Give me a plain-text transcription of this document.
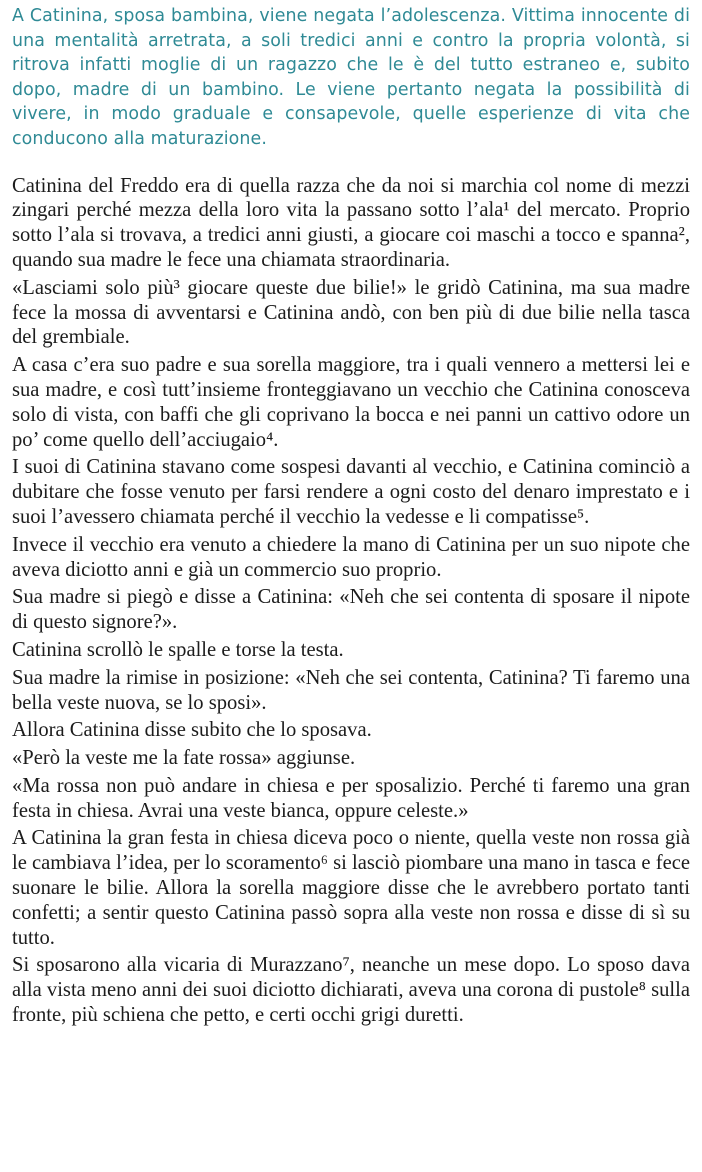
A Catinina, sposa bambina, viene negata l’adolescenza. Vittima innocente di una mentalità arretrata, a soli tredici anni e contro la propria volontà, si ritrova infatti moglie di un ragazzo che le è del tutto estraneo e, subito dopo, madre di un bambino. Le viene pertanto negata la possibilità di vivere, in modo graduale e consapevole, quelle esperienze di vita che conducono alla maturazione.

Catinina del Freddo era di quella razza che da noi si marchia col nome di mezzi zingari perché mezza della loro vita la passano sotto l’ala¹ del mercato. Proprio sotto l’ala si trovava, a tredici anni giusti, a giocare coi maschi a tocco e spanna², quando sua madre le fece una chiamata straordinaria.

«Lasciami solo più³ giocare queste due bilie!» le gridò Catinina, ma sua madre fece la mossa di avventarsi e Catinina andò, con ben più di due bilie nella tasca del grembiale.

A casa c’era suo padre e sua sorella maggiore, tra i quali vennero a mettersi lei e sua madre, e così tutt’insieme fronteggiavano un vecchio che Catinina conosceva solo di vista, con baffi che gli coprivano la bocca e nei panni un cattivo odore un po’ come quello dell’acciugaio⁴.

I suoi di Catinina stavano come sospesi davanti al vecchio, e Catinina cominciò a dubitare che fosse venuto per farsi rendere a ogni costo del denaro imprestato e i suoi l’avessero chiamata perché il vecchio la vedesse e li compatisse⁵.

Invece il vecchio era venuto a chiedere la mano di Catinina per un suo nipote che aveva diciotto anni e già un commercio suo proprio.

Sua madre si piegò e disse a Catinina: «Neh che sei contenta di sposare il nipote di questo signore?».

Catinina scrollò le spalle e torse la testa.

Sua madre la rimise in posizione: «Neh che sei contenta, Catinina? Ti faremo una bella veste nuova, se lo sposi».

Allora Catinina disse subito che lo sposava.

«Però la veste me la fate rossa» aggiunse.

«Ma rossa non può andare in chiesa e per sposalizio. Perché ti faremo una gran festa in chiesa. Avrai una veste bianca, oppure celeste.»

A Catinina la gran festa in chiesa diceva poco o niente, quella veste non rossa già le cambiava l’idea, per lo scoramento⁶ si lasciò piombare una mano in tasca e fece suonare le bilie. Allora la sorella maggiore disse che le avrebbero portato tanti confetti; a sentir questo Catinina passò sopra alla veste non rossa e disse di sì su tutto.

Si sposarono alla vicaria di Murazzano⁷, neanche un mese dopo. Lo sposo dava alla vista meno anni dei suoi diciotto dichiarati, aveva una corona di pustole⁸ sulla fronte, più schiena che petto, e certi occhi grigi duretti.
